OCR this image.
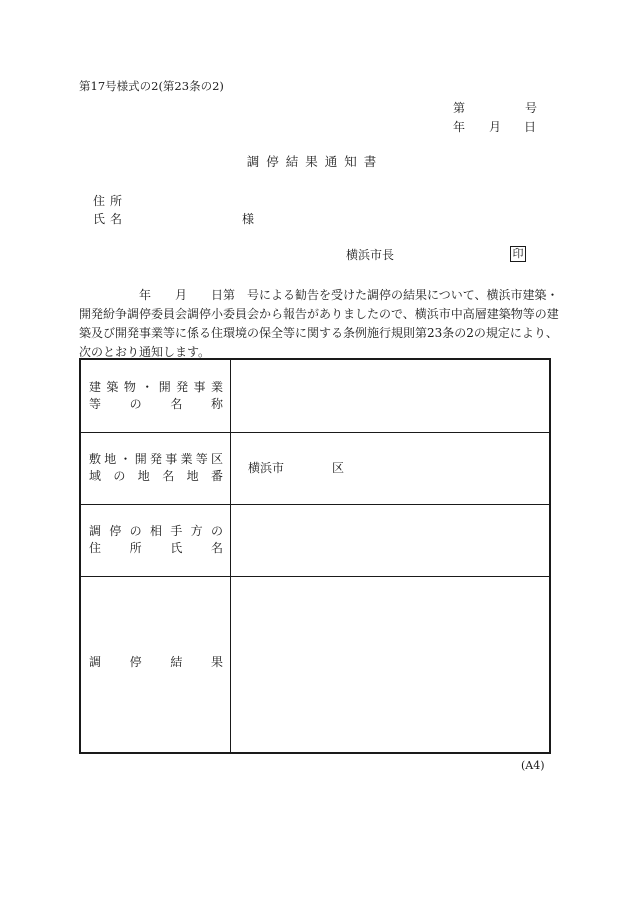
第17号様式の2(第23条の2)
第	号
年 月 日
調停結果通知書
住所
氏名	様
横浜市長	印
　　　　　年　　月　　日第　号による勧告を受けた調停の結果について、横浜市建築・
開発紛争調停委員会調停小委員会から報告がありましたので、横浜市中高層建築物等の建
築及び開発事業等に係る住環境の保全等に関する条例施行規則第23条の2の規定により、
次のとおり通知します。
建築物・開発事業
等の名称
敷地・開発事業等区
域の地名地番
横浜市	区
調停の相手方の
住所氏名
調停結果
(A4)
